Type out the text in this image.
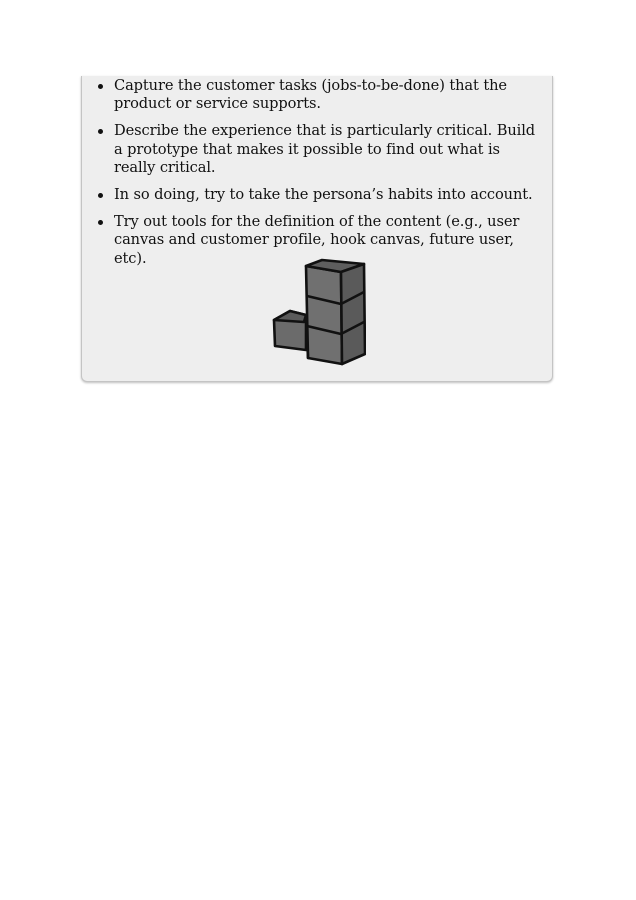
Capture the customer tasks (jobs-to-be-done) that the product or service supports.
Describe the experience that is particularly critical. Build a prototype that makes it possible to find out what is really critical.
In so doing, try to take the persona’s habits into account.
Try out tools for the definition of the content (e.g., user canvas and customer profile, hook canvas, future user, etc).
